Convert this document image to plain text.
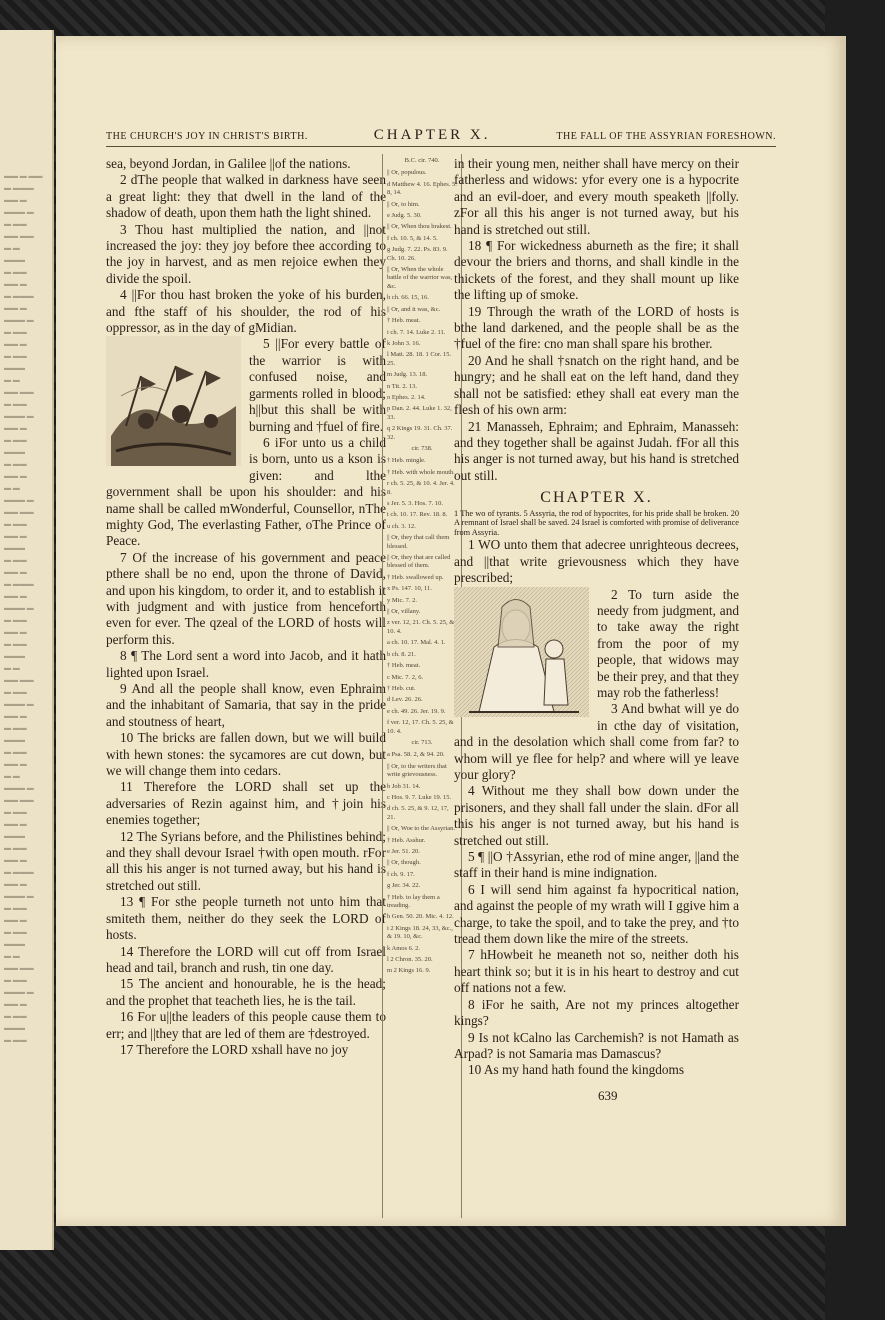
▬▬ ▬ ▬▬
▬ ▬▬▬
▬▬ ▬
▬▬▬ ▬
▬ ▬▬
▬▬ ▬▬
▬ ▬
▬▬▬
▬ ▬▬
▬▬ ▬
▬ ▬▬▬
▬▬ ▬
▬▬▬ ▬
▬ ▬▬
▬▬ ▬
▬ ▬▬
▬▬▬
▬ ▬
▬▬ ▬▬
▬ ▬▬
▬▬▬ ▬
▬▬ ▬
▬ ▬▬
▬▬▬
▬ ▬▬
▬▬ ▬
▬ ▬
▬▬▬ ▬
▬▬ ▬▬
▬ ▬▬
▬▬ ▬
▬▬▬
▬ ▬▬
▬▬ ▬
▬ ▬▬▬
▬▬ ▬
▬▬▬ ▬
▬ ▬▬
▬▬ ▬
▬ ▬▬
▬▬▬
▬ ▬
▬▬ ▬▬
▬ ▬▬
▬▬▬ ▬
▬▬ ▬
▬ ▬▬
▬▬▬
▬ ▬▬
▬▬ ▬
▬ ▬
▬▬▬ ▬
▬▬ ▬▬
▬ ▬▬
▬▬ ▬
▬▬▬
▬ ▬▬
▬▬ ▬
▬ ▬▬▬
▬▬ ▬
▬▬▬ ▬
▬ ▬▬
▬▬ ▬
▬ ▬▬
▬▬▬
▬ ▬
▬▬ ▬▬
▬ ▬▬
▬▬▬ ▬
▬▬ ▬
▬ ▬▬
▬▬▬
▬ ▬▬
THE CHURCH'S JOY IN CHRIST'S BIRTH.	CHAPTER X.	THE FALL OF THE ASSYRIAN FORESHOWN.

sea, beyond Jordan, in Galilee ||of the nations.

2 dThe people that walked in darkness have seen a great light: they that dwell in the land of the shadow of death, upon them hath the light shined.

3 Thou hast multiplied the nation, and ||not increased the joy: they joy before thee according to the joy in harvest, and as men rejoice ewhen they divide the spoil.

4 ||For thou hast broken the yoke of his burden, and fthe staff of his shoulder, the rod of his oppressor, as in the day of gMidian.

5 ||For every battle of the warrior is with confused noise, and garments rolled in blood; h||but this shall be with burning and †fuel of fire.

6 iFor unto us a child is born, unto us a kson is given: and lthe government shall be upon his shoulder: and his name shall be called mWonderful, Counsellor, nThe mighty God, The everlasting Father, oThe Prince of Peace.

7 Of the increase of his government and peace pthere shall be no end, upon the throne of David, and upon his kingdom, to order it, and to establish it with judgment and with justice from henceforth even for ever. The qzeal of the LORD of hosts will perform this.

8 ¶ The Lord sent a word into Jacob, and it hath lighted upon Israel.

9 And all the people shall know, even Ephraim and the inhabitant of Samaria, that say in the pride and stoutness of heart,

10 The bricks are fallen down, but we will build with hewn stones: the sycamores are cut down, but we will change them into cedars.

11 Therefore the LORD shall set up the adversaries of Rezin against him, and †join his enemies together;

12 The Syrians before, and the Philistines behind; and they shall devour Israel †with open mouth. rFor all this his anger is not turned away, but his hand is stretched out still.

13 ¶ For sthe people turneth not unto him that smiteth them, neither do they seek the LORD of hosts.

14 Therefore the LORD will cut off from Israel head and tail, branch and rush, tin one day.

15 The ancient and honourable, he is the head; and the prophet that teacheth lies, he is the tail.

16 For u||the leaders of this people cause them to err; and ||they that are led of them are †destroyed.

17 Therefore the LORD xshall have no joy

B.C. cir. 740.
|| Or, populous.
d Matthew 4. 16. Ephes. 5. 8, 14.
|| Or, to him.
e Judg. 5. 30.
|| Or, When thou brakest.
f ch. 10. 5, & 14. 5.
g Judg. 7. 22. Ps. 83. 9. Ch. 10. 26.
|| Or, When the whole battle of the warrior was, &c.
h ch. 66. 15, 16.
|| Or, and it was, &c.
† Heb. meat.
i ch. 7. 14. Luke 2. 11.
k John 3. 16.
l Matt. 28. 18. 1 Cor. 15. 25.
m Judg. 13. 18.
n Tit. 2. 13.
o Ephes. 2. 14.
p Dan. 2. 44. Luke 1. 32, 33.
q 2 Kings 19. 31. Ch. 37. 32.
cir. 738.
† Heb. mingle.
† Heb. with whole mouth.
r ch. 5. 25, & 10. 4. Jer. 4. 8.
s Jer. 5. 3. Hos. 7. 10.
t ch. 10. 17. Rev. 18. 8.
u ch. 3. 12.
|| Or, they that call them blessed.
|| Or, they that are called blessed of them.
† Heb. swallowed up.
x Ps. 147. 10, 11.
y Mic. 7. 2.
|| Or, villany.
z ver. 12, 21. Ch. 5. 25, & 10. 4.
a ch. 10. 17. Mal. 4. 1.
b ch. 8. 21.
† Heb. meat.
c Mic. 7. 2, 6.
† Heb. cut.
d Lev. 26. 26.
e ch. 49. 26. Jer. 19. 9.
f ver. 12, 17. Ch. 5. 25, & 10. 4.
cir. 713.
a Psa. 58. 2, & 94. 20.
|| Or, to the writers that write grievousness.
b Job 31. 14.
c Hos. 9. 7. Luke 19. 15.
d ch. 5. 25, & 9. 12, 17, 21.
|| Or, Woe to the Assyrian.
† Heb. Asshur.
e Jer. 51. 20.
|| Or, though.
f ch. 9. 17.
g Jer. 34. 22.
† Heb. to lay them a treading.
h Gen. 50. 20. Mic. 4. 12.
i 2 Kings 18. 24, 33, &c., & 19. 10, &c.
k Amos 6. 2.
l 2 Chron. 35. 20.
m 2 Kings 16. 9.

in their young men, neither shall have mercy on their fatherless and widows: yfor every one is a hypocrite and an evil-doer, and every mouth speaketh ||folly. zFor all this his anger is not turned away, but his hand is stretched out still.

18 ¶ For wickedness aburneth as the fire; it shall devour the briers and thorns, and shall kindle in the thickets of the forest, and they shall mount up like the lifting up of smoke.

19 Through the wrath of the LORD of hosts is bthe land darkened, and the people shall be as the †fuel of the fire: cno man shall spare his brother.

20 And he shall †snatch on the right hand, and be hungry; and he shall eat on the left hand, dand they shall not be satisfied: ethey shall eat every man the flesh of his own arm:

21 Manasseh, Ephraim; and Ephraim, Manasseh: and they together shall be against Judah. fFor all this his anger is not turned away, but his hand is stretched out still.

CHAPTER X.

1 The wo of tyrants. 5 Assyria, the rod of hypocrites, for his pride shall be broken. 20 A remnant of Israel shall be saved. 24 Israel is comforted with promise of deliverance from Assyria.

1 WO unto them that adecree unrighteous decrees, and ||that write grievousness which they have prescribed;

2 To turn aside the needy from judgment, and to take away the right from the poor of my people, that widows may be their prey, and that they may rob the fatherless!

3 And bwhat will ye do in cthe day of visitation, and in the desolation which shall come from far? to whom will ye flee for help? and where will ye leave your glory?

4 Without me they shall bow down under the prisoners, and they shall fall under the slain. dFor all this his anger is not turned away, but his hand is stretched out still.

5 ¶ ||O †Assyrian, ethe rod of mine anger, ||and the staff in their hand is mine indignation.

6 I will send him against fa hypocritical nation, and against the people of my wrath will I ggive him a charge, to take the spoil, and to take the prey, and †to tread them down like the mire of the streets.

7 hHowbeit he meaneth not so, neither doth his heart think so; but it is in his heart to destroy and cut off nations not a few.

8 iFor he saith, Are not my princes altogether kings?

9 Is not kCalno las Carchemish? is not Hamath as Arpad? is not Samaria mas Damascus?

10 As my hand hath found the kingdoms

639
